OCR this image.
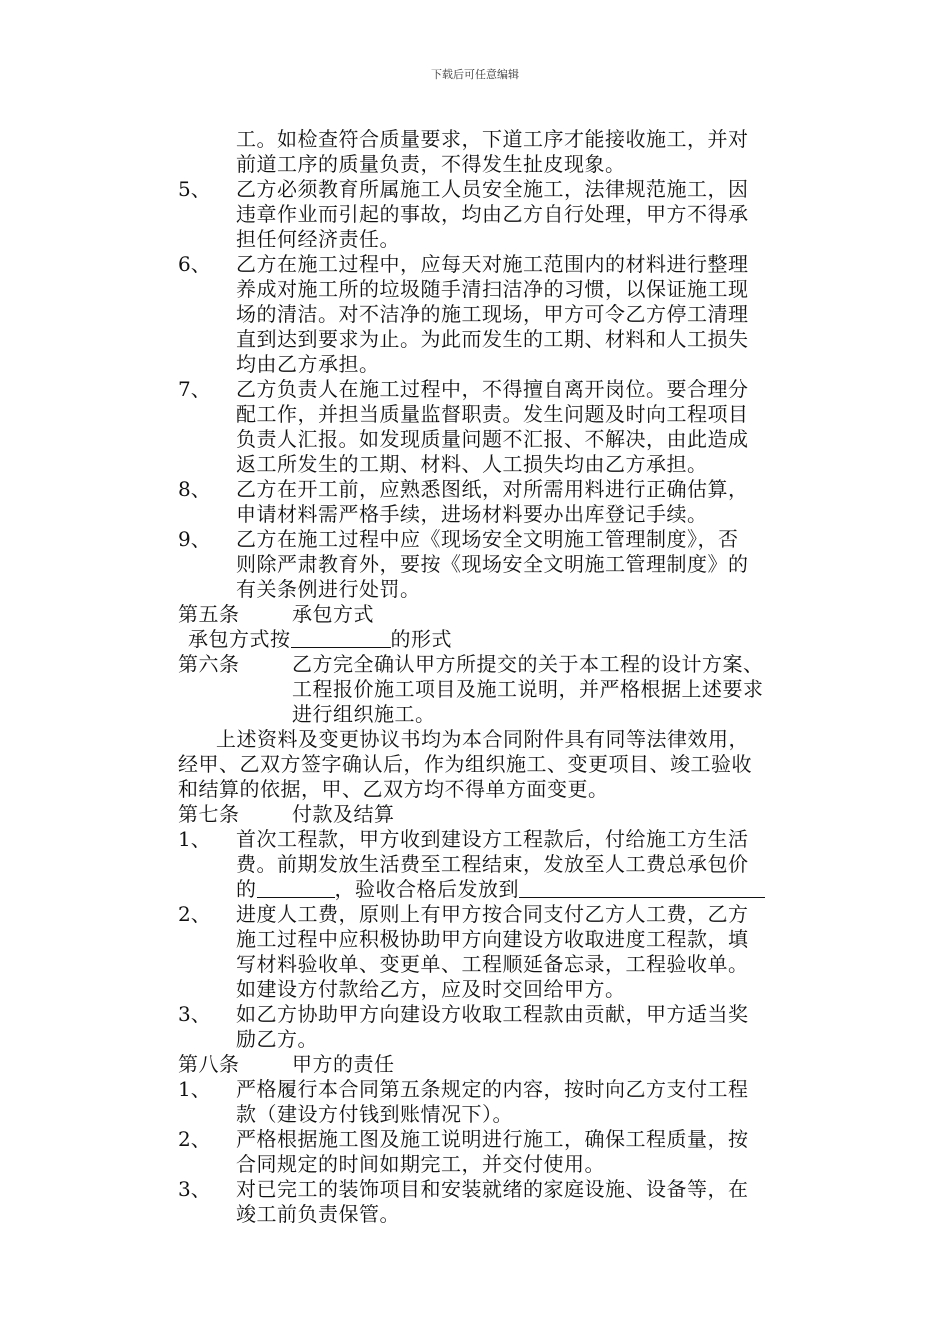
下载后可任意编辑
工。如检查符合质量要求，下道工序才能接收施工，并对
前道工序的质量负责，不得发生扯皮现象。
5、 乙方必须教育所属施工人员安全施工，法律规范施工，因
违章作业而引起的事故，均由乙方自行处理，甲方不得承
担任何经济责任。
6、 乙方在施工过程中，应每天对施工范围内的材料进行整理
养成对施工所的垃圾随手清扫洁净的习惯，以保证施工现
场的清洁。对不洁净的施工现场，甲方可令乙方停工清理
直到达到要求为止。为此而发生的工期、材料和人工损失
均由乙方承担。
7、 乙方负责人在施工过程中，不得擅自离开岗位。要合理分
配工作，并担当质量监督职责。发生问题及时向工程项目
负责人汇报。如发现质量问题不汇报、不解决，由此造成
返工所发生的工期、材料、人工损失均由乙方承担。
8、 乙方在开工前，应熟悉图纸，对所需用料进行正确估算，
申请材料需严格手续，进场材料要办出库登记手续。
9、 乙方在施工过程中应《现场安全文明施工管理制度》，否
则除严肃教育外，要按《现场安全文明施工管理制度》的
有关条例进行处罚。
第五条	承包方式
承包方式按	的形式
第六条	乙方完全确认甲方所提交的关于本工程的设计方案、
工程报价施工项目及施工说明，并严格根据上述要求
进行组织施工。
上述资料及变更协议书均为本合同附件具有同等法律效用，
经甲、乙双方签字确认后，作为组织施工、变更项目、竣工验收
和结算的依据，甲、乙双方均不得单方面变更。
第七条	付款及结算
1、 首次工程款，甲方收到建设方工程款后，付给施工方生活
费。前期发放生活费至工程结束，发放至人工费总承包价
的	，验收合格后发放到
2、 进度人工费，原则上有甲方按合同支付乙方人工费，乙方
施工过程中应积极协助甲方向建设方收取进度工程款，填
写材料验收单、变更单、工程顺延备忘录，工程验收单。
如建设方付款给乙方，应及时交回给甲方。
3、 如乙方协助甲方向建设方收取工程款由贡献，甲方适当奖
励乙方。
第八条	甲方的责任
1、 严格履行本合同第五条规定的内容，按时向乙方支付工程
款（建设方付钱到账情况下）。
2、 严格根据施工图及施工说明进行施工，确保工程质量，按
合同规定的时间如期完工，并交付使用。
3、 对已完工的装饰项目和安装就绪的家庭设施、设备等，在
竣工前负责保管。
